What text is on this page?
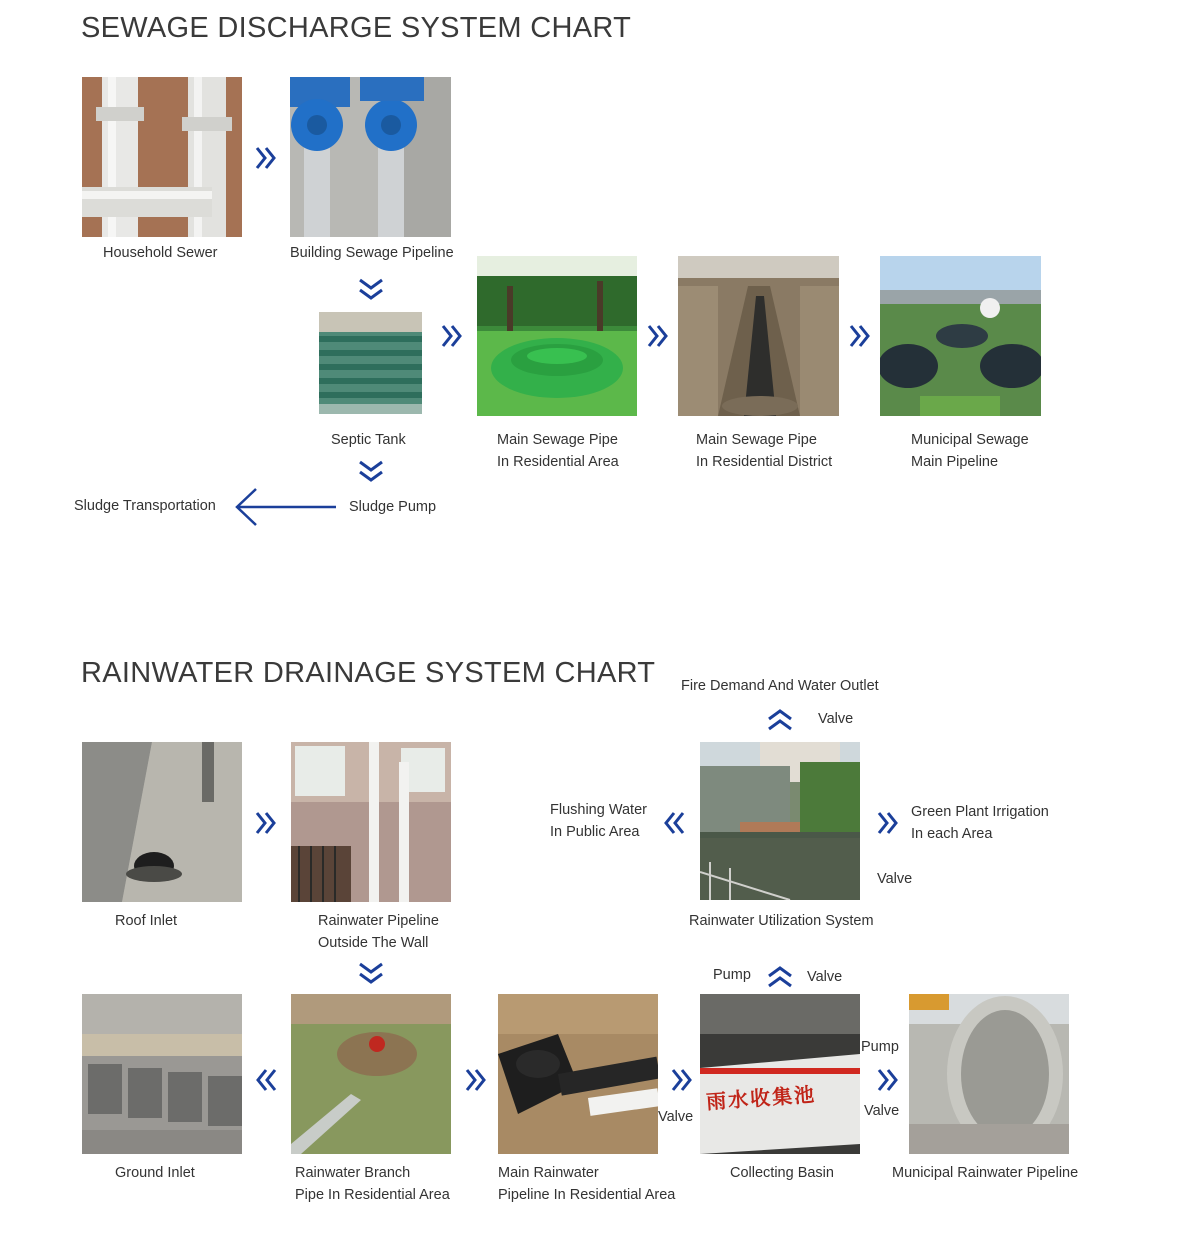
SEWAGE DISCHARGE SYSTEM CHART
Household Sewer	Building Sewage Pipeline
Septic Tank	Main Sewage Pipe
In Residential Area
Main Sewage Pipe
In Residential District
Municipal Sewage
Main Pipeline
Sludge Pump
Sludge Transportation
RAINWATER DRAINAGE SYSTEM CHART Fire Demand And Water Outlet
Valve
Roof Inlet	Rainwater Pipeline
Outside The Wall
Flushing Water
In Public Area
Rainwater Utilization System
Green Plant Irrigation
In each Area
Valve
Pump	Valve
Ground Inlet	Rainwater Branch
Pipe In Residential Area
Main Rainwater
Pipeline In Residential Area
Valve
雨水收集池
Collecting Basin
Pump
Valve
Municipal Rainwater Pipeline
